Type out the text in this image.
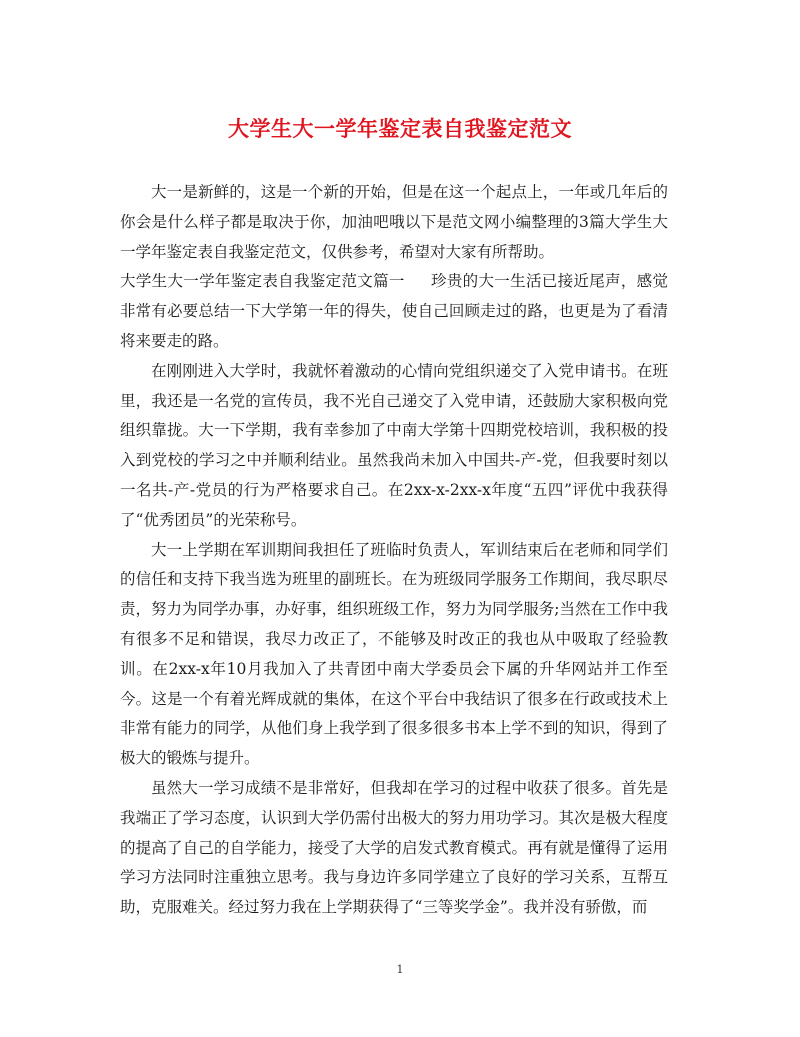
大学生大一学年鉴定表自我鉴定范文

大一是新鲜的，这是一个新的开始，但是在这一个起点上，一年或几年后的你会是什么样子都是取决于你，加油吧哦以下是范文网小编整理的3篇大学生大一学年鉴定表自我鉴定范文，仅供参考，希望对大家有所帮助。

大学生大一学年鉴定表自我鉴定范文篇一 珍贵的大一生活已接近尾声，感觉非常有必要总结一下大学第一年的得失，使自己回顾走过的路，也更是为了看清将来要走的路。

在刚刚进入大学时，我就怀着激动的心情向党组织递交了入党申请书。在班里，我还是一名党的宣传员，我不光自己递交了入党申请，还鼓励大家积极向党组织靠拢。大一下学期，我有幸参加了中南大学第十四期党校培训，我积极的投入到党校的学习之中并顺利结业。虽然我尚未加入中国共-产-党，但我要时刻以一名共-产-党员的行为严格要求自己。在2xx-x-2xx-x年度“五四”评优中我获得了“优秀团员”的光荣称号。

大一上学期在军训期间我担任了班临时负责人，军训结束后在老师和同学们的信任和支持下我当选为班里的副班长。在为班级同学服务工作期间，我尽职尽责，努力为同学办事，办好事，组织班级工作，努力为同学服务;当然在工作中我有很多不足和错误，我尽力改正了，不能够及时改正的我也从中吸取了经验教训。在2xx-x年10月我加入了共青团中南大学委员会下属的升华网站并工作至今。这是一个有着光辉成就的集体，在这个平台中我结识了很多在行政或技术上非常有能力的同学，从他们身上我学到了很多很多书本上学不到的知识，得到了极大的锻炼与提升。

虽然大一学习成绩不是非常好，但我却在学习的过程中收获了很多。首先是我端正了学习态度，认识到大学仍需付出极大的努力用功学习。其次是极大程度的提高了自己的自学能力，接受了大学的启发式教育模式。再有就是懂得了运用学习方法同时注重独立思考。我与身边许多同学建立了良好的学习关系，互帮互助，克服难关。经过努力我在上学期获得了“三等奖学金”。我并没有骄傲，而

1
